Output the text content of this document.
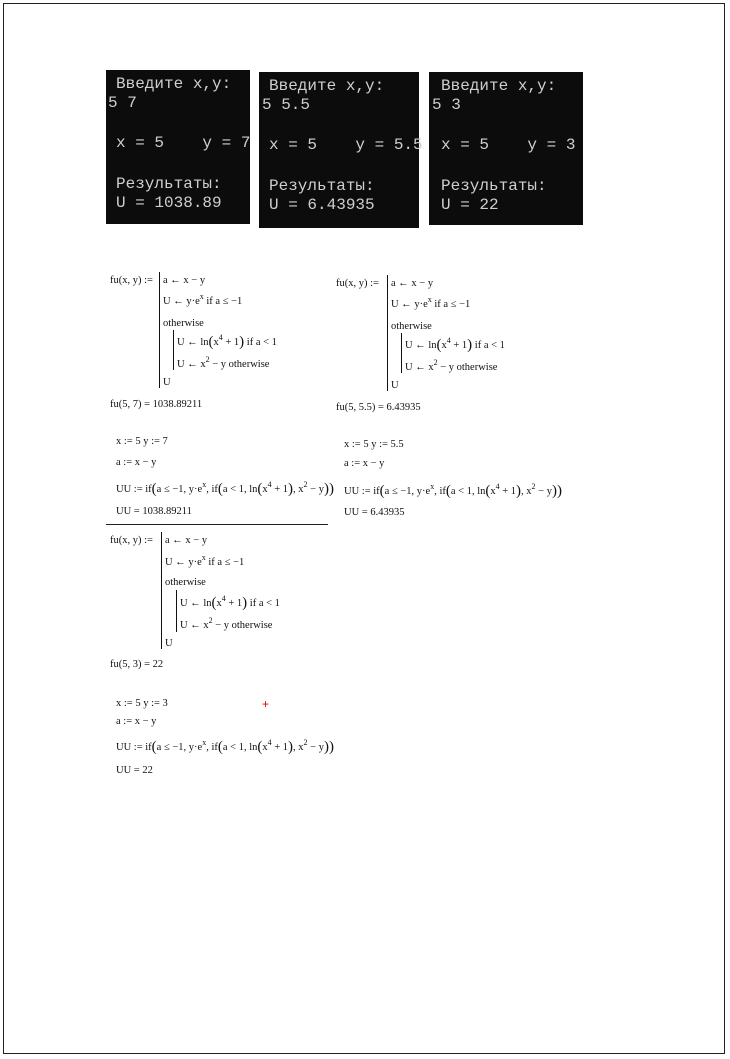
Введите x,y:

5 7

x = 5    y = 7

Результаты:

U = 1038.89

Введите x,y:

5 5.5

x = 5    y = 5.5

Результаты:

U = 6.43935

Введите x,y:

5 3

x = 5    y = 3

Результаты:

U = 22

fu(x, y) := a ← x − y
U ← $y\cdot e^x$ if a ≤ −1
otherwise
U ← $\ln(x^4 + 1)$ if a < 1
U ← $x^2 - y$ otherwise
U
fu(5, 7) = 1038.89211
x := 5 y := 7
a := x − y
UU := if(a ≤ −1, $y\cdot e^x$, if(a < 1, $\ln(x^4 + 1)$, $x^2 - y$))
UU = 1038.89211
fu(x, y) := a ← x − y
U ← $y\cdot e^x$ if a ≤ −1
otherwise
U ← $\ln(x^4 + 1)$ if a < 1
U ← $x^2 - y$ otherwise
U
fu(5, 5.5) = 6.43935
x := 5 y := 5.5
a := x − y
UU := if(a ≤ −1, $y\cdot e^x$, if(a < 1, $\ln(x^4 + 1)$, $x^2 - y$))
UU = 6.43935
fu(x, y) := a ← x − y
U ← $y\cdot e^x$ if a ≤ −1
otherwise
U ← $\ln(x^4 + 1)$ if a < 1
U ← $x^2 - y$ otherwise
U
fu(5, 3) = 22
x := 5 y := 3
a := x − y
UU := if(a ≤ −1, $y\cdot e^x$, if(a < 1, $\ln(x^4 + 1)$, $x^2 - y$))
UU = 22
+
